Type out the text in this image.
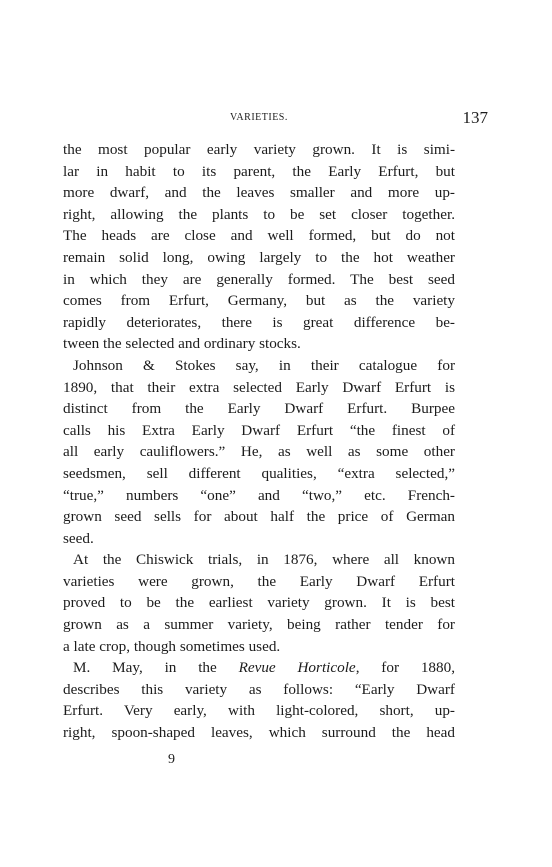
VARIETIES.	137
the most popular early variety grown. It is simi-
lar in habit to its parent, the Early Erfurt, but
more dwarf, and the leaves smaller and more up-
right, allowing the plants to be set closer together.
The heads are close and well formed, but do not
remain solid long, owing largely to the hot weather
in which they are generally formed. The best seed
comes from Erfurt, Germany, but as the variety
rapidly deteriorates, there is great difference be-
tween the selected and ordinary stocks.
Johnson & Stokes say, in their catalogue for
1890, that their extra selected Early Dwarf Erfurt is
distinct from the Early Dwarf Erfurt. Burpee
calls his Extra Early Dwarf Erfurt “the finest of
all early cauliflowers.” He, as well as some other
seedsmen, sell different qualities, “extra selected,”
“true,” numbers “one” and “two,” etc. French-
grown seed sells for about half the price of German
seed.
At the Chiswick trials, in 1876, where all known
varieties were grown, the Early Dwarf Erfurt
proved to be the earliest variety grown. It is best
grown as a summer variety, being rather tender for
a late crop, though sometimes used.
M. May, in the Revue Horticole, for 1880,
describes this variety as follows: “Early Dwarf
Erfurt. Very early, with light-colored, short, up-
right, spoon-shaped leaves, which surround the head
9
